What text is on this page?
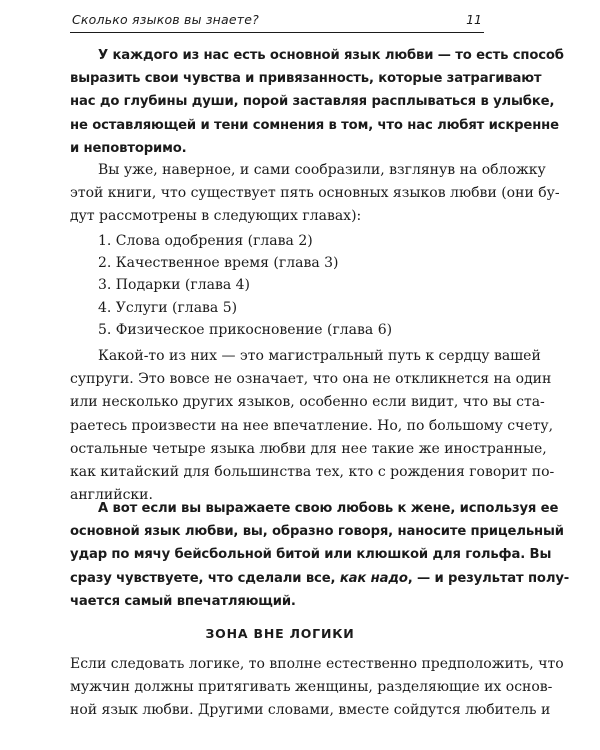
Сколько языков вы знаете?	11
У каждого из нас есть основной язык любви — то есть способ
выразить свои чувства и привязанность, которые затрагивают
нас до глубины души, порой заставляя расплываться в улыбке,
не оставляющей и тени сомнения в том, что нас любят искренне
и неповторимо.
Вы уже, наверное, и сами сообразили, взглянув на обложку
этой книги, что существует пять основных языков любви (они бу-
дут рассмотрены в следующих главах):
1. Слова одобрения (глава 2)
2. Качественное время (глава 3)
3. Подарки (глава 4)
4. Услуги (глава 5)
5. Физическое прикосновение (глава 6)
Какой-то из них — это магистральный путь к сердцу вашей
супруги. Это вовсе не означает, что она не откликнется на один
или несколько других языков, особенно если видит, что вы ста-
раетесь произвести на нее впечатление. Но, по большому счету,
остальные четыре языка любви для нее такие же иностранные,
как китайский для большинства тех, кто с рождения говорит по-
английски.
А вот если вы выражаете свою любовь к жене, используя ее
основной язык любви, вы, образно говоря, наносите прицельный
удар по мячу бейсбольной битой или клюшкой для гольфа. Вы
сразу чувствуете, что сделали все, как надо, — и результат полу-
чается самый впечатляющий.
ЗОНА ВНЕ ЛОГИКИ
Если следовать логике, то вполне естественно предположить, что
мужчин должны притягивать женщины, разделяющие их основ-
ной язык любви. Другими словами, вместе сойдутся любитель и
